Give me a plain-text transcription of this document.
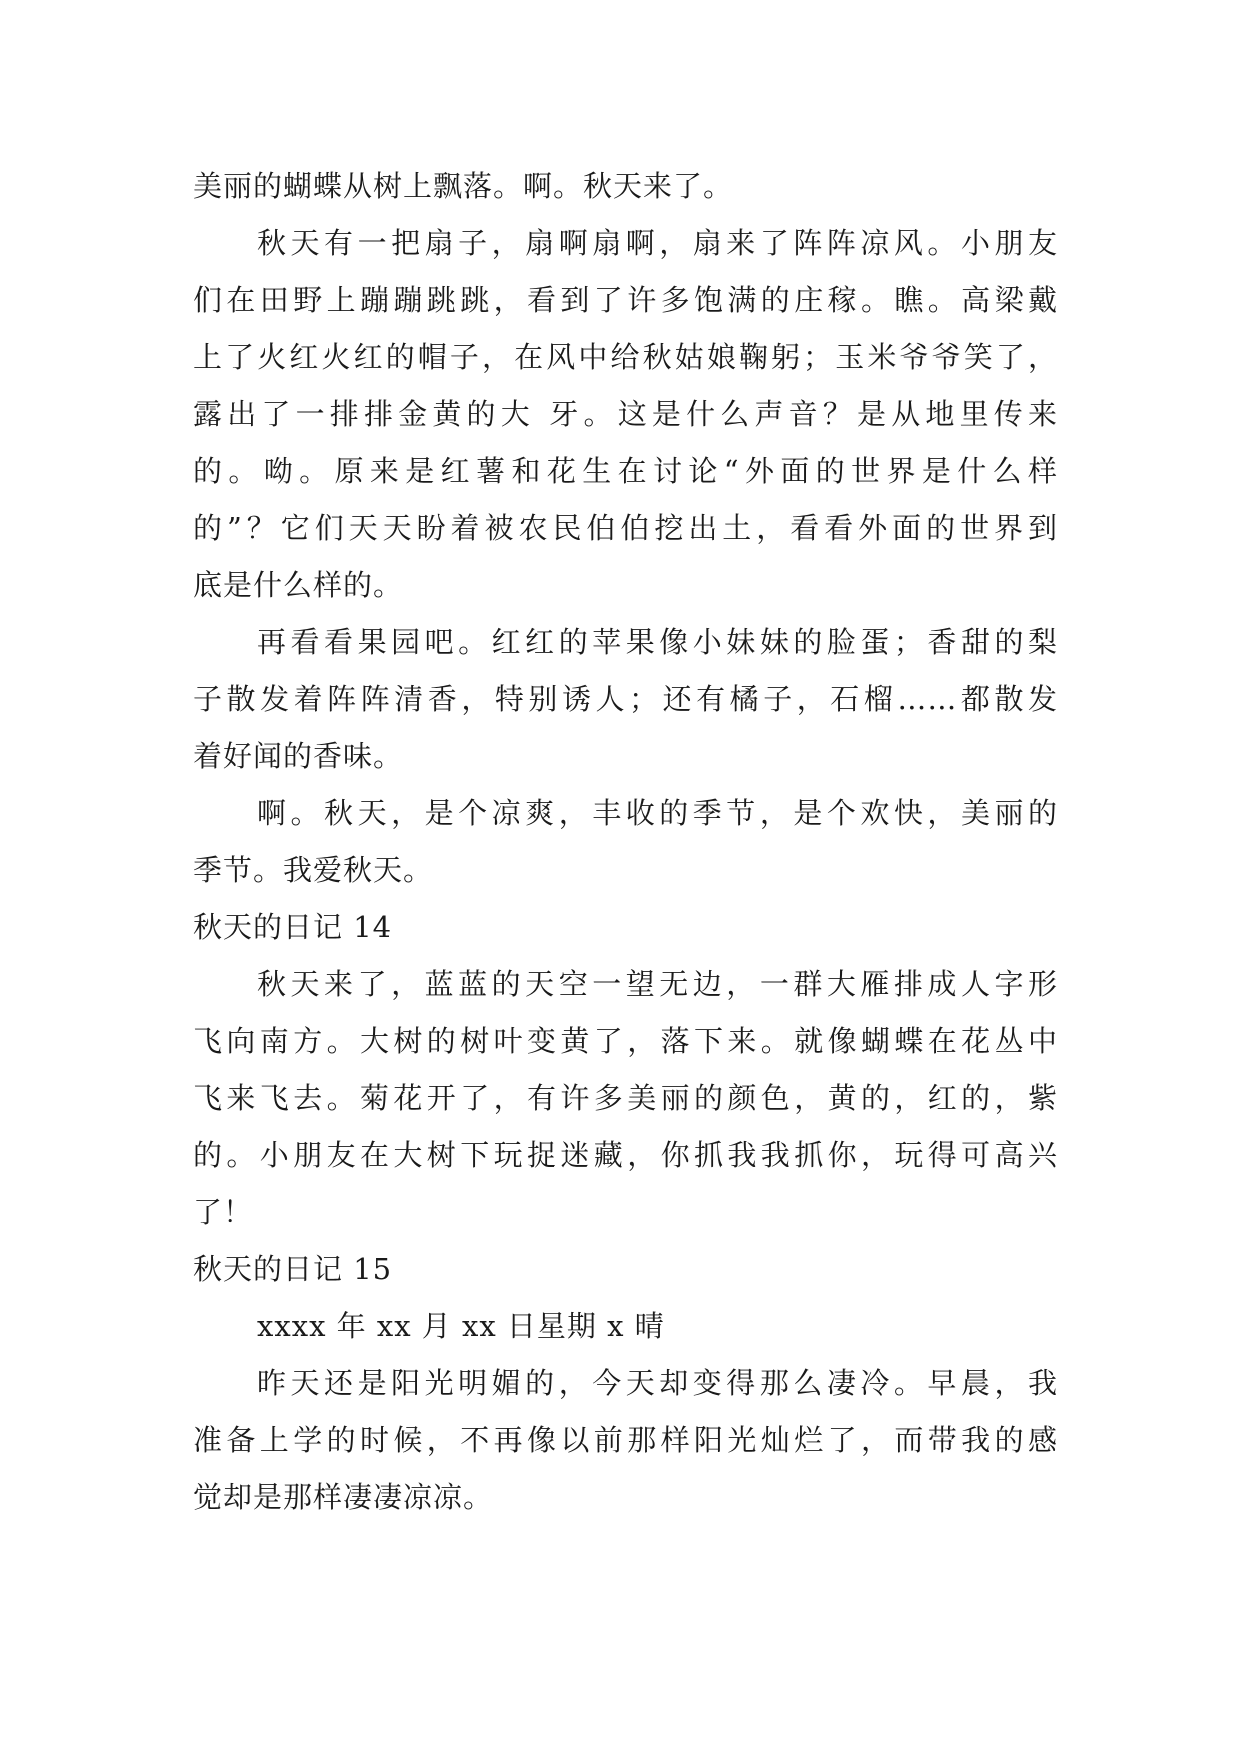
美丽的蝴蝶从树上飘落。啊。秋天来了。
秋天有一把扇子，扇啊扇啊，扇来了阵阵凉风。小朋友
们在田野上蹦蹦跳跳，看到了许多饱满的庄稼。瞧。高梁戴
上了火红火红的帽子，在风中给秋姑娘鞠躬；玉米爷爷笑了，
露出了一排排金黄的大 牙。这是什么声音？是从地里传来
的。呦。原来是红薯和花生在讨论“外面的世界是什么样
的”？它们天天盼着被农民伯伯挖出土，看看外面的世界到
底是什么样的。
再看看果园吧。红红的苹果像小妹妹的脸蛋；香甜的梨
子散发着阵阵清香，特别诱人；还有橘子，石榴……都散发
着好闻的香味。
啊。秋天，是个凉爽，丰收的季节，是个欢快，美丽的
季节。我爱秋天。
秋天的日记 14
秋天来了，蓝蓝的天空一望无边，一群大雁排成人字形
飞向南方。大树的树叶变黄了，落下来。就像蝴蝶在花丛中
飞来飞去。菊花开了，有许多美丽的颜色，黄的，红的，紫
的。小朋友在大树下玩捉迷藏，你抓我我抓你，玩得可高兴
了！
秋天的日记 15
xxxx 年 xx 月 xx 日星期 x 晴
昨天还是阳光明媚的，今天却变得那么凄冷。早晨，我
准备上学的时候，不再像以前那样阳光灿烂了，而带我的感
觉却是那样凄凄凉凉。
